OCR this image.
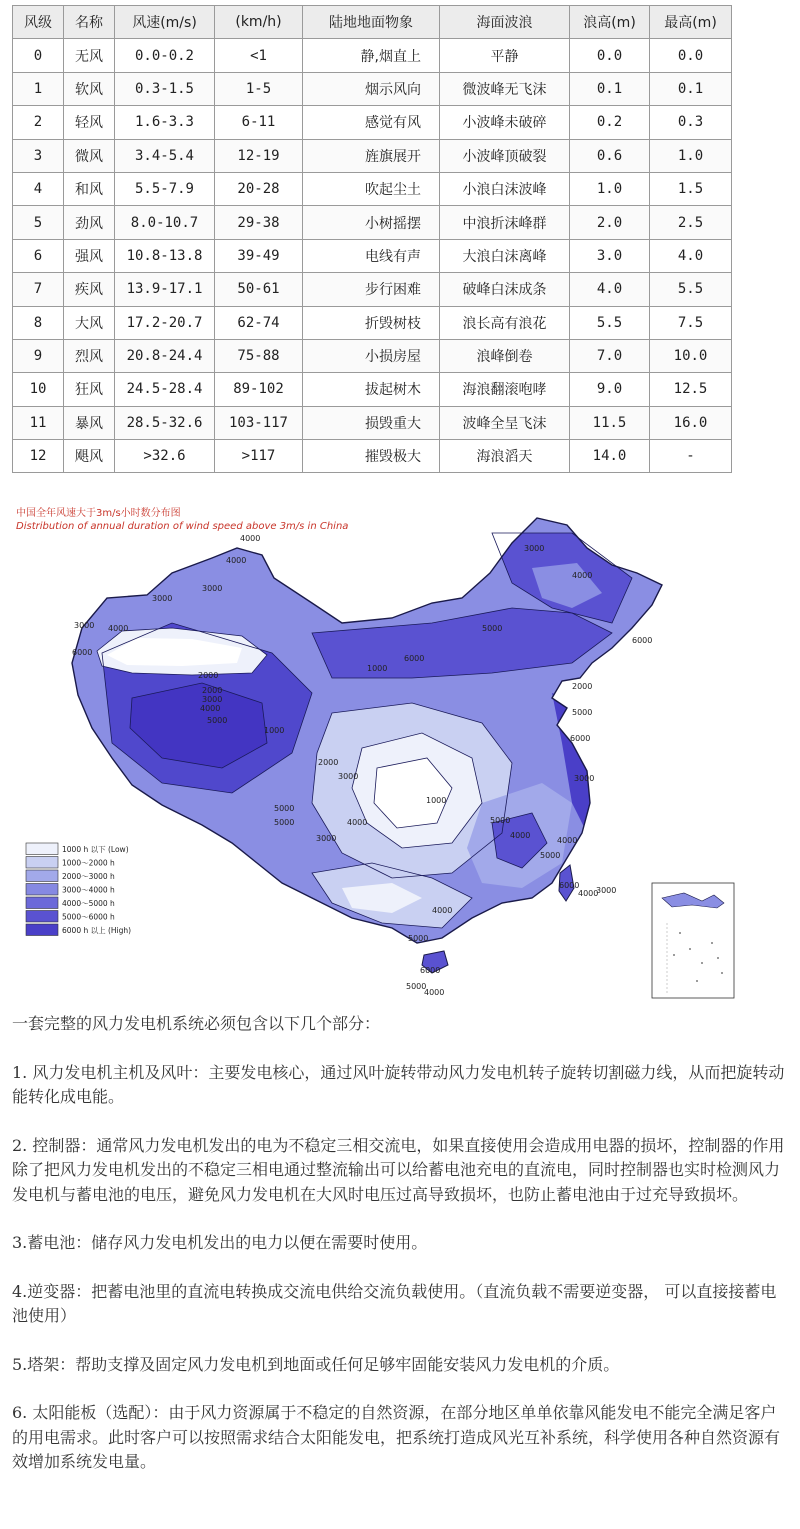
风级	名称	风速(m/s)	(km/h)	陆地地面物象	海面波浪	浪高(m)	最高(m)
0	无风	0.0-0.2	<1	静,烟直上	平静	0.0	0.0
1	软风	0.3-1.5	1-5	烟示风向	微波峰无飞沫	0.1	0.1
2	轻风	1.6-3.3	6-11	感觉有风	小波峰未破碎	0.2	0.3
3	微风	3.4-5.4	12-19	旌旗展开	小波峰顶破裂	0.6	1.0
4	和风	5.5-7.9	20-28	吹起尘土	小浪白沫波峰	1.0	1.5
5	劲风	8.0-10.7	29-38	小树摇摆	中浪折沫峰群	2.0	2.5
6	强风	10.8-13.8	39-49	电线有声	大浪白沫离峰	3.0	4.0
7	疾风	13.9-17.1	50-61	步行困难	破峰白沫成条	4.0	5.5
8	大风	17.2-20.7	62-74	折毁树枝	浪长高有浪花	5.5	7.5
9	烈风	20.8-24.4	75-88	小损房屋	浪峰倒卷	7.0	10.0
10	狂风	24.5-28.4	89-102	拔起树木	海浪翻滚咆哮	9.0	12.5
11	暴风	28.5-32.6	103-117	损毁重大	波峰全呈飞沫	11.5	16.0
12	飓风	>32.6	>117	摧毁极大	海浪滔天	14.0	-
中国全年风速大于3m/s小时数分布图
Distribution of annual duration of wind speed above 3m/s in China
4000
4000
3000
3000
2000
2000
3000
4000
5000
6000
5000
4000
6000
3000
2000
1000
1000
2000
3000
4000
5000
6000
3000 4000
5000	5000
4000
3000
6000
5000
4000
5000
6000
4000
1000
3000
4000
5000
6000
5000
4000
3000
1000 h 以下 (Low)
1000～2000 h
2000～3000 h
3000～4000 h
4000～5000 h
5000～6000 h
6000 h 以上 (High)

一套完整的风力发电机系统必须包含以下几个部分：

1. 风力发电机主机及风叶：主要发电核心，通过风叶旋转带动风力发电机转子旋转切割磁力线，从而把旋转动能转化成电能。

2. 控制器：通常风力发电机发出的电为不稳定三相交流电，如果直接使用会造成用电器的损坏，控制器的作用除了把风力发电机发出的不稳定三相电通过整流输出可以给蓄电池充电的直流电，同时控制器也实时检测风力发电机与蓄电池的电压，避免风力发电机在大风时电压过高导致损坏，也防止蓄电池由于过充导致损坏。

3.蓄电池：储存风力发电机发出的电力以便在需要时使用。

4.逆变器：把蓄电池里的直流电转换成交流电供给交流负载使用。（直流负载不需要逆变器， 可以直接接蓄电池使用）

5.塔架：帮助支撑及固定风力发电机到地面或任何足够牢固能安装风力发电机的介质。

6. 太阳能板（选配）：由于风力资源属于不稳定的自然资源，在部分地区单单依靠风能发电不能完全满足客户的用电需求。此时客户可以按照需求结合太阳能发电，把系统打造成风光互补系统，科学使用各种自然资源有效增加系统发电量。
